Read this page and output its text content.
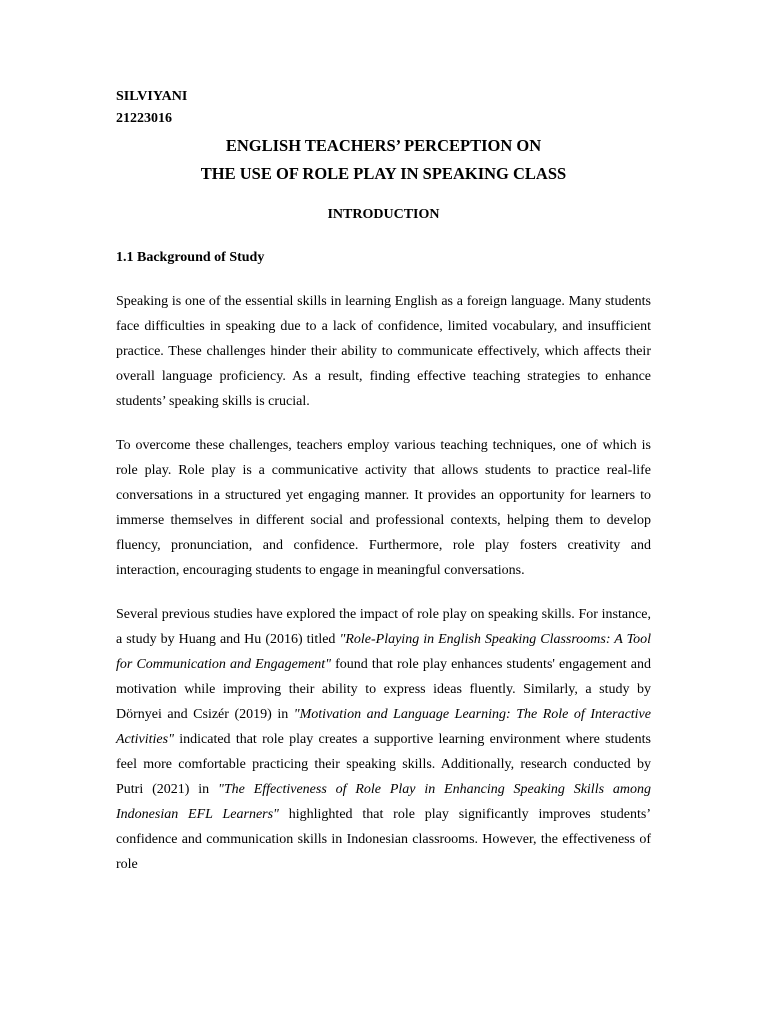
SILVIYANI

21223016

ENGLISH TEACHERS’ PERCEPTION ON

THE USE OF ROLE PLAY IN SPEAKING CLASS

INTRODUCTION

1.1 Background of Study

Speaking is one of the essential skills in learning English as a foreign language. Many students face difficulties in speaking due to a lack of confidence, limited vocabulary, and insufficient practice. These challenges hinder their ability to communicate effectively, which affects their overall language proficiency. As a result, finding effective teaching strategies to enhance students’ speaking skills is crucial.

To overcome these challenges, teachers employ various teaching techniques, one of which is role play. Role play is a communicative activity that allows students to practice real-life conversations in a structured yet engaging manner. It provides an opportunity for learners to immerse themselves in different social and professional contexts, helping them to develop fluency, pronunciation, and confidence. Furthermore, role play fosters creativity and interaction, encouraging students to engage in meaningful conversations.

Several previous studies have explored the impact of role play on speaking skills. For instance, a study by Huang and Hu (2016) titled "Role-Playing in English Speaking Classrooms: A Tool for Communication and Engagement" found that role play enhances students' engagement and motivation while improving their ability to express ideas fluently. Similarly, a study by Dörnyei and Csizér (2019) in "Motivation and Language Learning: The Role of Interactive Activities" indicated that role play creates a supportive learning environment where students feel more comfortable practicing their speaking skills. Additionally, research conducted by Putri (2021) in "The Effectiveness of Role Play in Enhancing Speaking Skills among Indonesian EFL Learners" highlighted that role play significantly improves students’ confidence and communication skills in Indonesian classrooms. However, the effectiveness of role
